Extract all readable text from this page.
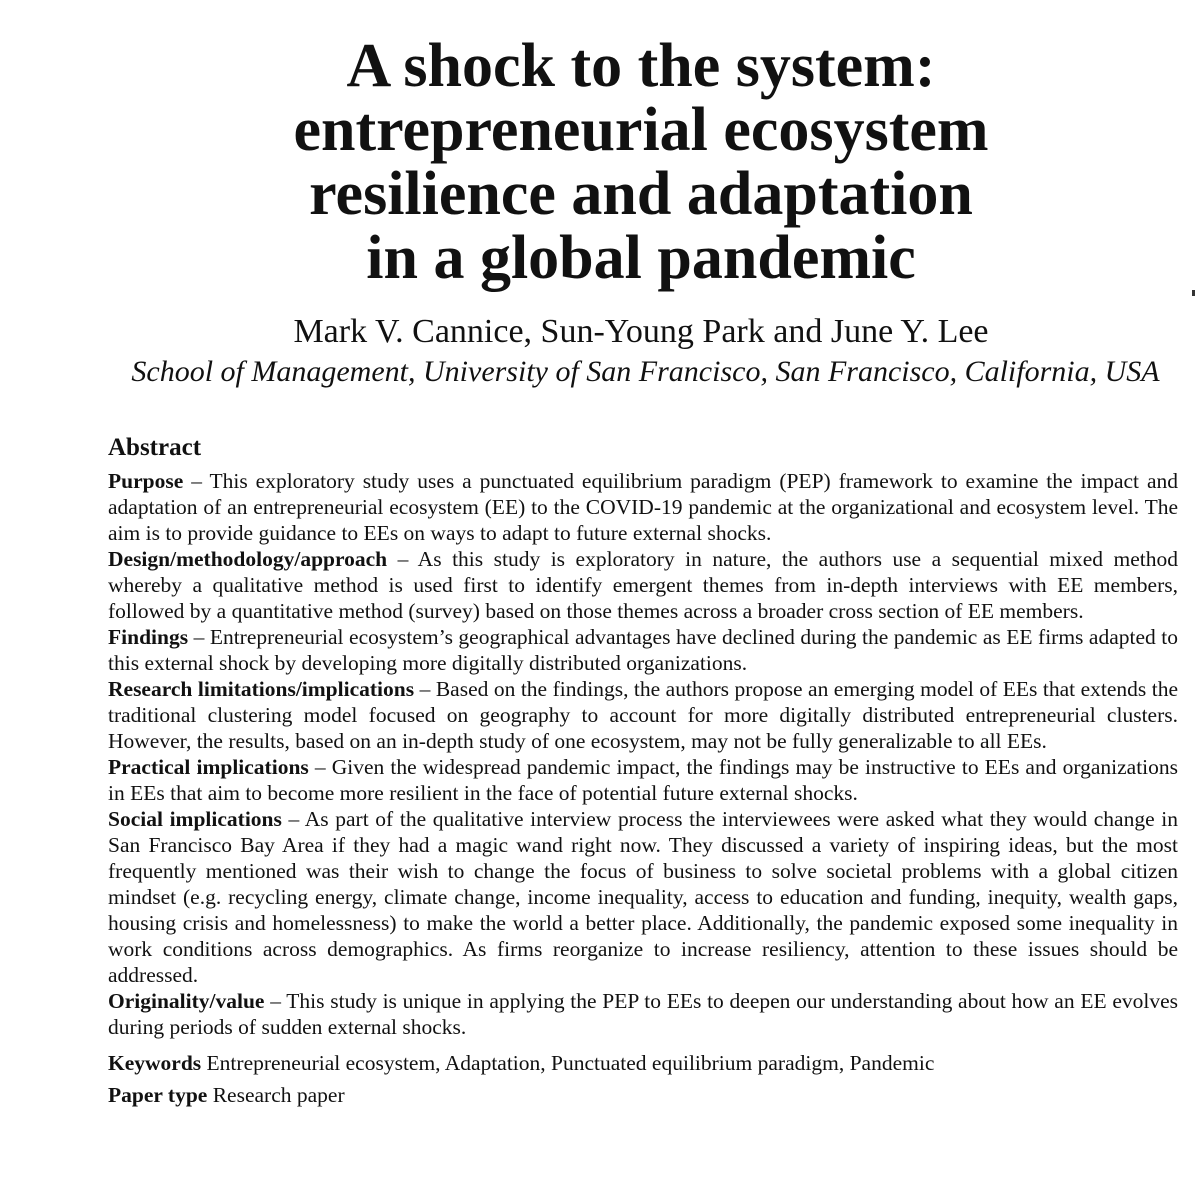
A shock to the system:
entrepreneurial ecosystem
resilience and adaptation
in a global pandemic

Mark V. Cannice, Sun-Young Park and June Y. Lee

School of Management, University of San Francisco, San Francisco, California, USA

Abstract

Purpose – This exploratory study uses a punctuated equilibrium paradigm (PEP) framework to examine the impact and adaptation of an entrepreneurial ecosystem (EE) to the COVID-19 pandemic at the organizational and ecosystem level. The aim is to provide guidance to EEs on ways to adapt to future external shocks.

Design/methodology/approach – As this study is exploratory in nature, the authors use a sequential mixed method whereby a qualitative method is used first to identify emergent themes from in-depth interviews with EE members, followed by a quantitative method (survey) based on those themes across a broader cross section of EE members.

Findings – Entrepreneurial ecosystem’s geographical advantages have declined during the pandemic as EE firms adapted to this external shock by developing more digitally distributed organizations.

Research limitations/implications – Based on the findings, the authors propose an emerging model of EEs that extends the traditional clustering model focused on geography to account for more digitally distributed entrepreneurial clusters. However, the results, based on an in-depth study of one ecosystem, may not be fully generalizable to all EEs.

Practical implications – Given the widespread pandemic impact, the findings may be instructive to EEs and organizations in EEs that aim to become more resilient in the face of potential future external shocks.

Social implications – As part of the qualitative interview process the interviewees were asked what they would change in San Francisco Bay Area if they had a magic wand right now. They discussed a variety of inspiring ideas, but the most frequently mentioned was their wish to change the focus of business to solve societal problems with a global citizen mindset (e.g. recycling energy, climate change, income inequality, access to education and funding, inequity, wealth gaps, housing crisis and homelessness) to make the world a better place. Additionally, the pandemic exposed some inequality in work conditions across demographics. As firms reorganize to increase resiliency, attention to these issues should be addressed.

Originality/value – This study is unique in applying the PEP to EEs to deepen our understanding about how an EE evolves during periods of sudden external shocks.

Keywords Entrepreneurial ecosystem, Adaptation, Punctuated equilibrium paradigm, Pandemic

Paper type Research paper
